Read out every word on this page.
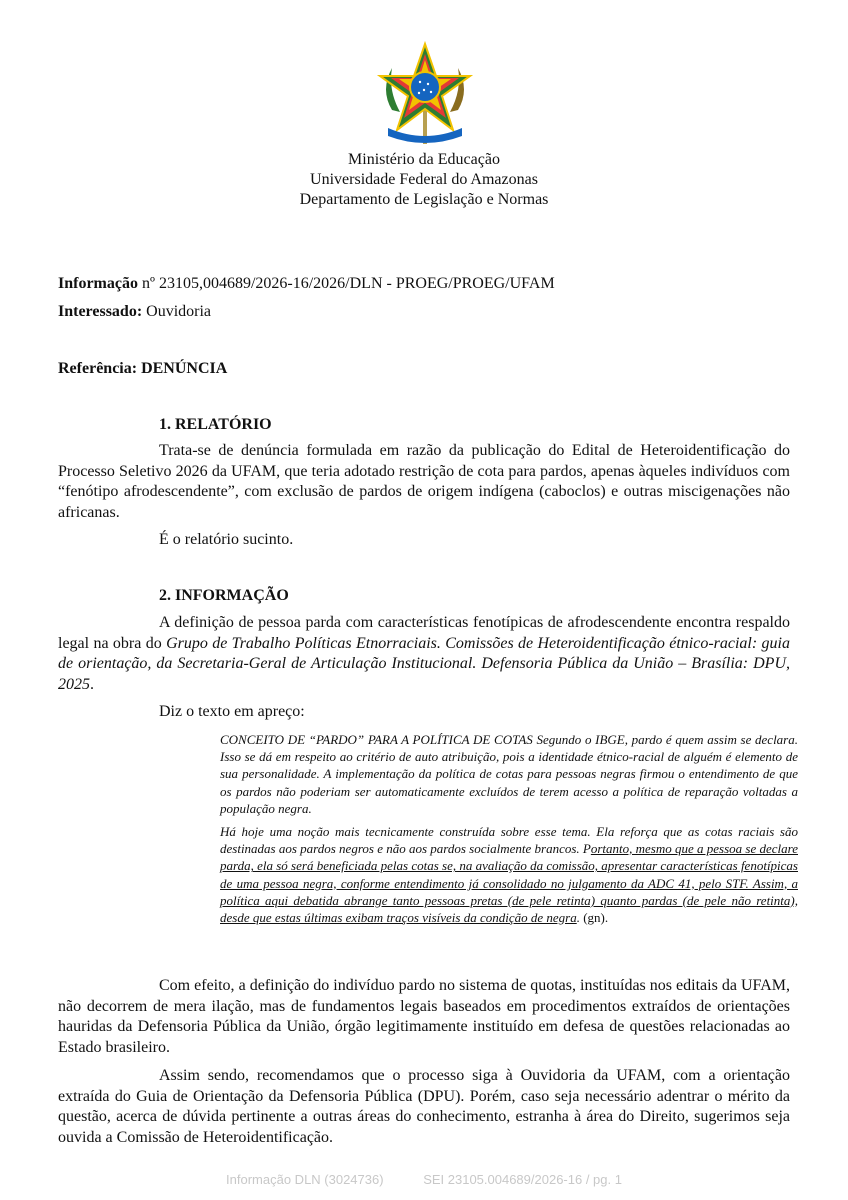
Ministério da Educação
Universidade Federal do Amazonas
Departamento de Legislação e Normas
Informação nº 23105,004689/2026-16/2026/DLN - PROEG/PROEG/UFAM
Interessado: Ouvidoria
Referência: DENÚNCIA
1. RELATÓRIO
Trata-se de denúncia formulada em razão da publicação do Edital de Heteroidentificação do Processo Seletivo 2026 da UFAM, que teria adotado restrição de cota para pardos, apenas àqueles indivíduos com “fenótipo afrodescendente”, com exclusão de pardos de origem indígena (caboclos) e outras miscigenações não africanas.
É o relatório sucinto.
2. INFORMAÇÃO
A definição de pessoa parda com características fenotípicas de afrodescendente encontra respaldo legal na obra do Grupo de Trabalho Políticas Etnorraciais. Comissões de Heteroidentificação étnico-racial: guia de orientação, da Secretaria-Geral de Articulação Institucional. Defensoria Pública da União – Brasília: DPU, 2025.
Diz o texto em apreço:

CONCEITO DE “PARDO” PARA A POLÍTICA DE COTAS Segundo o IBGE, pardo é quem assim se declara. Isso se dá em respeito ao critério de auto atribuição, pois a identidade étnico-racial de alguém é elemento de sua personalidade. A implementação da política de cotas para pessoas negras firmou o entendimento de que os pardos não poderiam ser automaticamente excluídos de terem acesso a política de reparação voltadas a população negra.

Há hoje uma noção mais tecnicamente construída sobre esse tema. Ela reforça que as cotas raciais são destinadas aos pardos negros e não aos pardos socialmente brancos. Portanto, mesmo que a pessoa se declare parda, ela só será beneficiada pelas cotas se, na avaliação da comissão, apresentar características fenotípicas de uma pessoa negra, conforme entendimento já consolidado no julgamento da ADC 41, pelo STF. Assim, a política aqui debatida abrange tanto pessoas pretas (de pele retinta) quanto pardas (de pele não retinta), desde que estas últimas exibam traços visíveis da condição de negra. (gn).

Com efeito, a definição do indivíduo pardo no sistema de quotas, instituídas nos editais da UFAM, não decorrem de mera ilação, mas de fundamentos legais baseados em procedimentos extraídos de orientações hauridas da Defensoria Pública da União, órgão legitimamente instituído em defesa de questões relacionadas ao Estado brasileiro.
Assim sendo, recomendamos que o processo siga à Ouvidoria da UFAM, com a orientação extraída do Guia de Orientação da Defensoria Pública (DPU). Porém, caso seja necessário adentrar o mérito da questão, acerca de dúvida pertinente a outras áreas do conhecimento, estranha à área do Direito, sugerimos seja ouvida a Comissão de Heteroidentificação.
Informação DLN (3024736)	SEI 23105.004689/2026-16 / pg. 1
